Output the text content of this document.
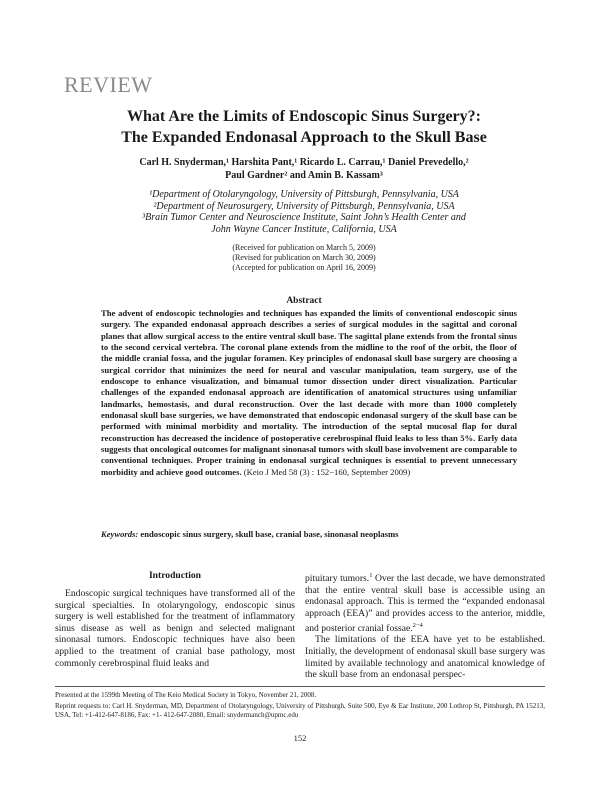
REVIEW
What Are the Limits of Endoscopic Sinus Surgery?:
The Expanded Endonasal Approach to the Skull Base
Carl H. Snyderman,¹ Harshita Pant,¹ Ricardo L. Carrau,¹ Daniel Prevedello,²
Paul Gardner² and Amin B. Kassam³
¹Department of Otolaryngology, University of Pittsburgh, Pennsylvania, USA
²Department of Neurosurgery, University of Pittsburgh, Pennsylvania, USA
³Brain Tumor Center and Neuroscience Institute, Saint John’s Health Center and
John Wayne Cancer Institute, California, USA
(Received for publication on March 5, 2009)
(Revised for publication on March 30, 2009)
(Accepted for publication on April 16, 2009)
Abstract

The advent of endoscopic technologies and techniques has expanded the limits of conventional endoscopic sinus surgery. The expanded endonasal approach describes a series of surgical modules in the sagittal and coronal planes that allow surgical access to the entire ventral skull base. The sagittal plane extends from the frontal sinus to the second cervical vertebra. The coronal plane extends from the midline to the roof of the orbit, the floor of the middle cranial fossa, and the jugular foramen. Key principles of endonasal skull base surgery are choosing a surgical corridor that minimizes the need for neural and vascular manipulation, team surgery, use of the endoscope to enhance visualization, and bimanual tumor dissection under direct visualization. Particular challenges of the expanded endonasal approach are identification of anatomical structures using unfamiliar landmarks, hemostasis, and dural reconstruction. Over the last decade with more than 1000 completely endonasal skull base surgeries, we have demonstrated that endoscopic endonasal surgery of the skull base can be performed with minimal morbidity and mortality. The introduction of the septal mucosal flap for dural reconstruction has decreased the incidence of postoperative cerebrospinal fluid leaks to less than 5%. Early data suggests that oncological outcomes for malignant sinonasal tumors with skull base involvement are comparable to conventional techniques. Proper training in endonasal surgical techniques is essential to prevent unnecessary morbidity and achieve good outcomes. (Keio J Med 58 (3) : 152−160, September 2009)

Keywords: endoscopic sinus surgery, skull base, cranial base, sinonasal neoplasms
Introduction

Endoscopic surgical techniques have transformed all of the surgical specialties. In otolaryngology, endoscopic sinus surgery is well established for the treatment of inflammatory sinus disease as well as benign and selected malignant sinonasal tumors. Endoscopic techniques have also been applied to the treatment of cranial base pathology, most commonly cerebrospinal fluid leaks and

pituitary tumors.$^1$ Over the last decade, we have demonstrated that the entire ventral skull base is accessible using an endonasal approach. This is termed the “expanded endonasal approach (EEA)” and provides access to the anterior, middle, and posterior cranial fossae.$^{2-4}$

The limitations of the EEA have yet to be established. Initially, the development of endonasal skull base surgery was limited by available technology and anatomical knowledge of the skull base from an endonasal perspec-

Presented at the 1599th Meeting of The Keio Medical Society in Tokyo, November 21, 2008.
Reprint requests to: Carl H. Snyderman, MD, Department of Otolaryngology, University of Pittsburgh, Suite 500, Eye & Ear Institute, 200 Lothrop St, Pittsburgh, PA 15213, USA, Tel: +1-412-647-8186, Fax: +1- 412-647-2080, Email: snydermanch@upmc.edu
152
